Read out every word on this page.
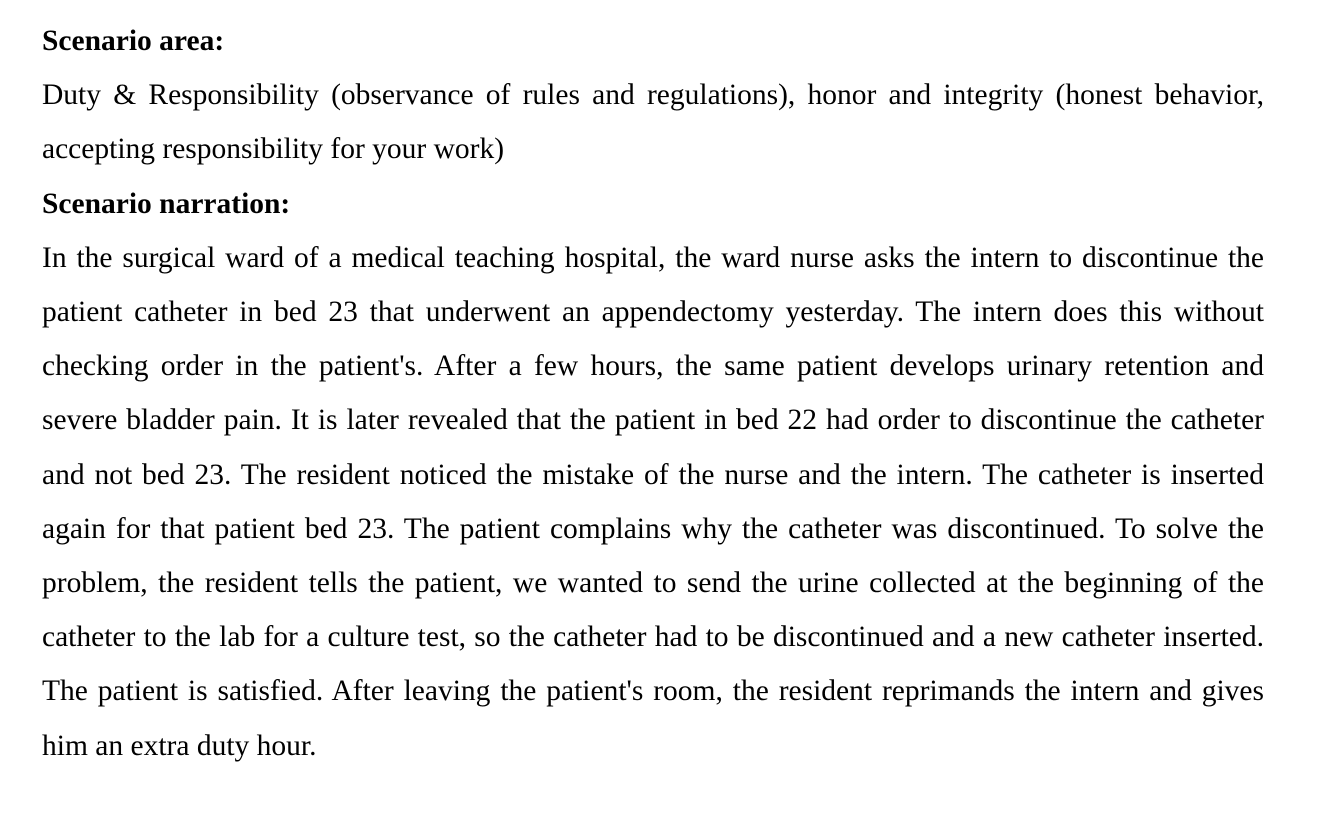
Scenario area:

Duty & Responsibility (observance of rules and regulations), honor and integrity (honest behavior, accepting responsibility for your work)

Scenario narration:

In the surgical ward of a medical teaching hospital, the ward nurse asks the intern to discontinue the patient catheter in bed 23 that underwent an appendectomy yesterday. The intern does this without checking order in the patient's. After a few hours, the same patient develops urinary retention and severe bladder pain. It is later revealed that the patient in bed 22 had order to discontinue the catheter and not bed 23. The resident noticed the mistake of the nurse and the intern. The catheter is inserted again for that patient bed 23. The patient complains why the catheter was discontinued. To solve the problem, the resident tells the patient, we wanted to send the urine collected at the beginning of the catheter to the lab for a culture test, so the catheter had to be discontinued and a new catheter inserted. The patient is satisfied. After leaving the patient's room, the resident reprimands the intern and gives him an extra duty hour.
